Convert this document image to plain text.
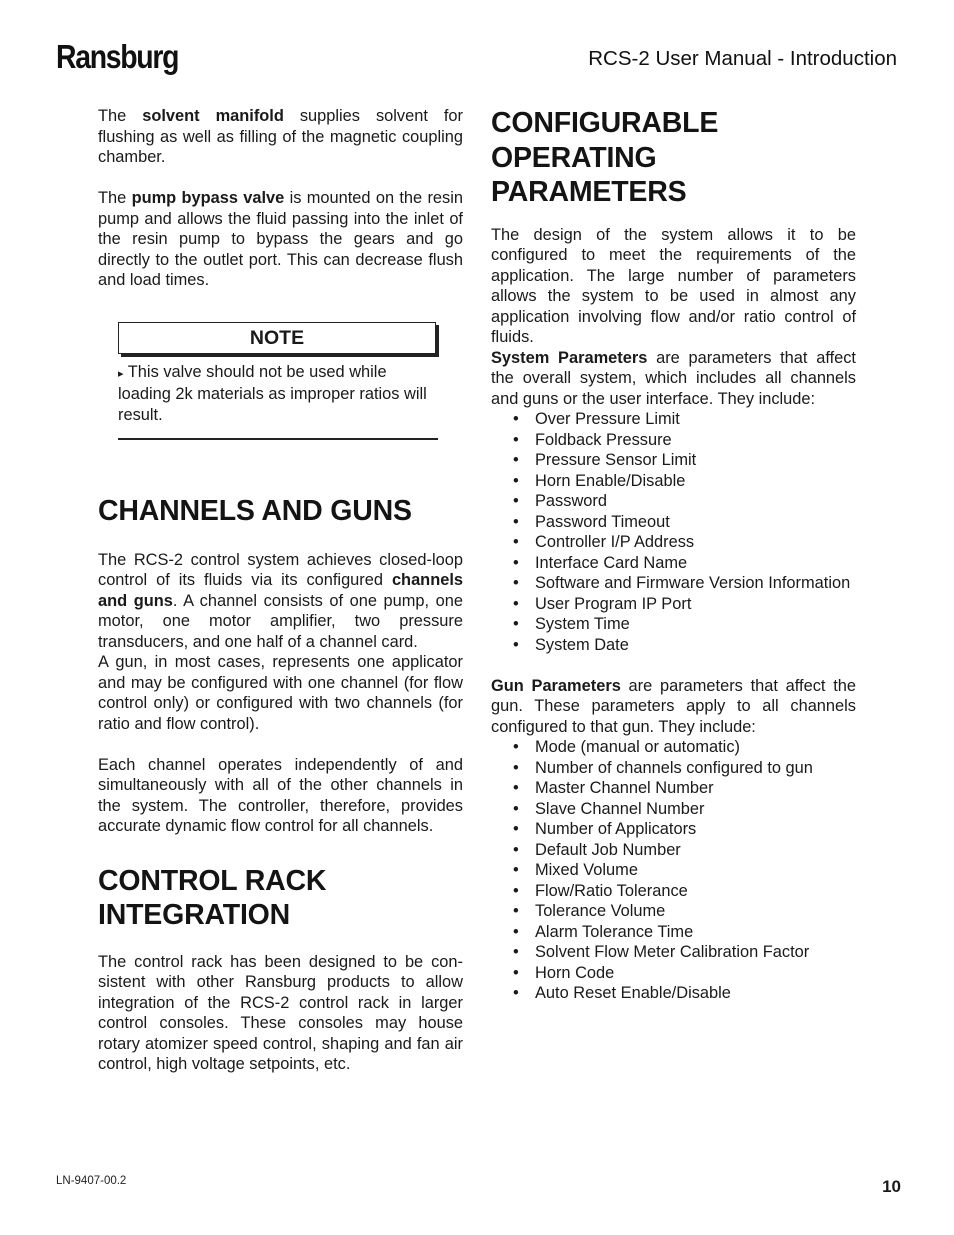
Ransburg	RCS-2 User Manual - Introduction

The solvent manifold supplies solvent for flushing as well as filling of the magnetic coupling chamber.

The pump bypass valve is mounted on the resin pump and allows the fluid passing into the inlet of the resin pump to bypass the gears and go directly to the outlet port. This can decrease flush and load times.

NOTE
▸ This valve should not be used while loading 2k materials as improper ratios will result.
CHANNELS AND GUNS

The RCS-2 control system achieves closed-loop control of its fluids via its configured channels and guns. A channel consists of one pump, one motor, one motor amplifier, two pressure transducers, and one half of a channel card.

A gun, in most cases, represents one applicator and may be configured with one channel (for flow control only) or configured with two channels (for ratio and flow control).

Each channel operates independently of and simultaneously with all of the other channels in the system. The controller, therefore, provides accurate dynamic flow control for all channels.

CONTROL RACK
INTEGRATION

The control rack has been designed to be consistent with other Ransburg products to allow integration of the RCS-2 control rack in larger control consoles. These consoles may house rotary atomizer speed control, shaping and fan air control, high voltage setpoints, etc.

CONFIGURABLE
OPERATING
PARAMETERS

The design of the system allows it to be configured to meet the requirements of the application. The large number of parameters allows the system to be used in almost any application involving flow and/or ratio control of fluids.

System Parameters are parameters that affect the overall system, which includes all channels and guns or the user interface. They include:

• Over Pressure Limit
• Foldback Pressure
• Pressure Sensor Limit
• Horn Enable/Disable
• Password
• Password Timeout
• Controller I/P Address
• Interface Card Name
• Software and Firmware Version Information
• User Program IP Port
• System Time
• System Date

Gun Parameters are parameters that affect the gun. These parameters apply to all channels configured to that gun. They include:

• Mode (manual or automatic)
• Number of channels configured to gun
• Master Channel Number
• Slave Channel Number
• Number of Applicators
• Default Job Number
• Mixed Volume
• Flow/Ratio Tolerance
• Tolerance Volume
• Alarm Tolerance Time
• Solvent Flow Meter Calibration Factor
• Horn Code
• Auto Reset Enable/Disable
LN-9407-00.2	10
